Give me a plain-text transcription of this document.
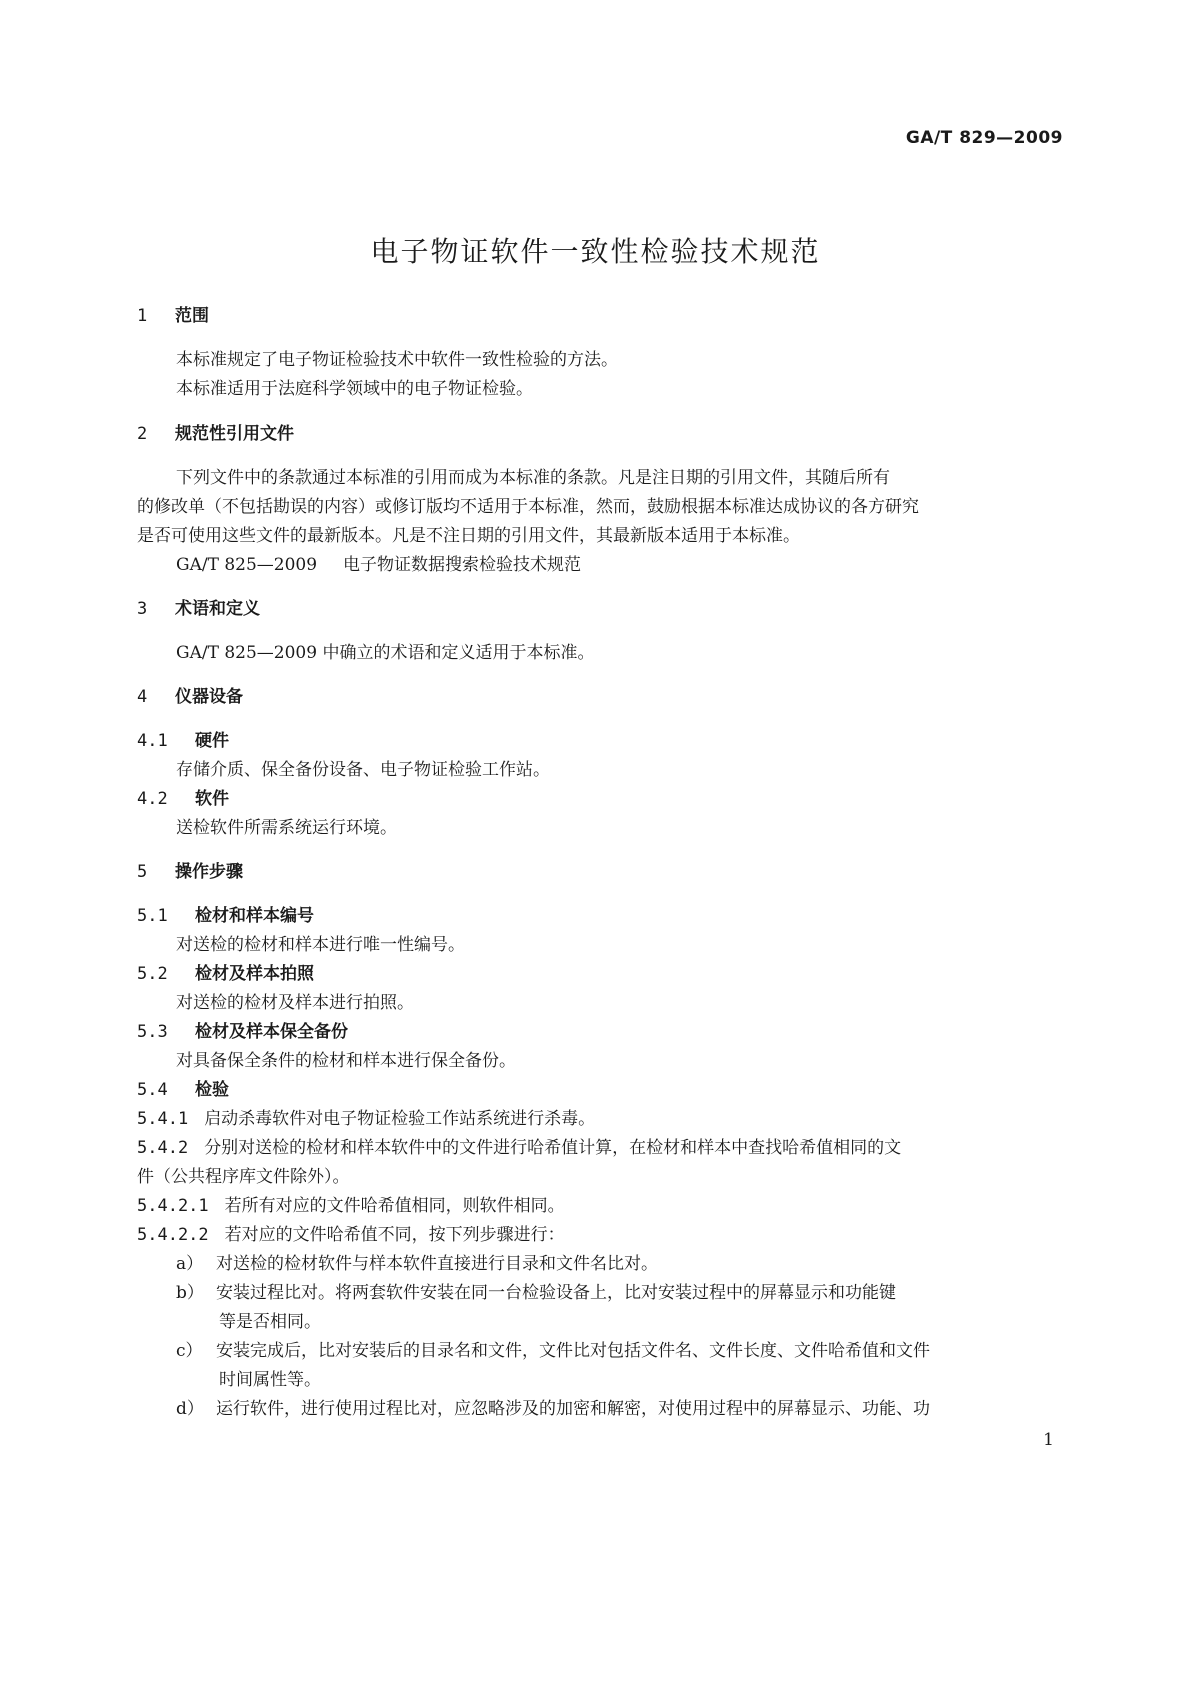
GA/T 829—2009
电子物证软件一致性检验技术规范
1 范围
本标准规定了电子物证检验技术中软件一致性检验的方法。
本标准适用于法庭科学领域中的电子物证检验。
2 规范性引用文件
下列文件中的条款通过本标准的引用而成为本标准的条款。凡是注日期的引用文件，其随后所有
的修改单（不包括勘误的内容）或修订版均不适用于本标准，然而，鼓励根据本标准达成协议的各方研究
是否可使用这些文件的最新版本。凡是不注日期的引用文件，其最新版本适用于本标准。
GA/T 825—2009 电子物证数据搜索检验技术规范
3 术语和定义
GA/T 825—2009 中确立的术语和定义适用于本标准。
4 仪器设备
4.1 硬件
存储介质、保全备份设备、电子物证检验工作站。
4.2 软件
送检软件所需系统运行环境。
5 操作步骤
5.1 检材和样本编号
对送检的检材和样本进行唯一性编号。
5.2 检材及样本拍照
对送检的检材及样本进行拍照。
5.3 检材及样本保全备份
对具备保全条件的检材和样本进行保全备份。
5.4 检验
5.4.1 启动杀毒软件对电子物证检验工作站系统进行杀毒。
5.4.2 分别对送检的检材和样本软件中的文件进行哈希值计算，在检材和样本中查找哈希值相同的文
件（公共程序库文件除外）。
5.4.2.1 若所有对应的文件哈希值相同，则软件相同。
5.4.2.2 若对应的文件哈希值不同，按下列步骤进行：
a） 对送检的检材软件与样本软件直接进行目录和文件名比对。
b） 安装过程比对。将两套软件安装在同一台检验设备上，比对安装过程中的屏幕显示和功能键
等是否相同。
c） 安装完成后，比对安装后的目录名和文件，文件比对包括文件名、文件长度、文件哈希值和文件
时间属性等。
d） 运行软件，进行使用过程比对，应忽略涉及的加密和解密，对使用过程中的屏幕显示、功能、功
1
